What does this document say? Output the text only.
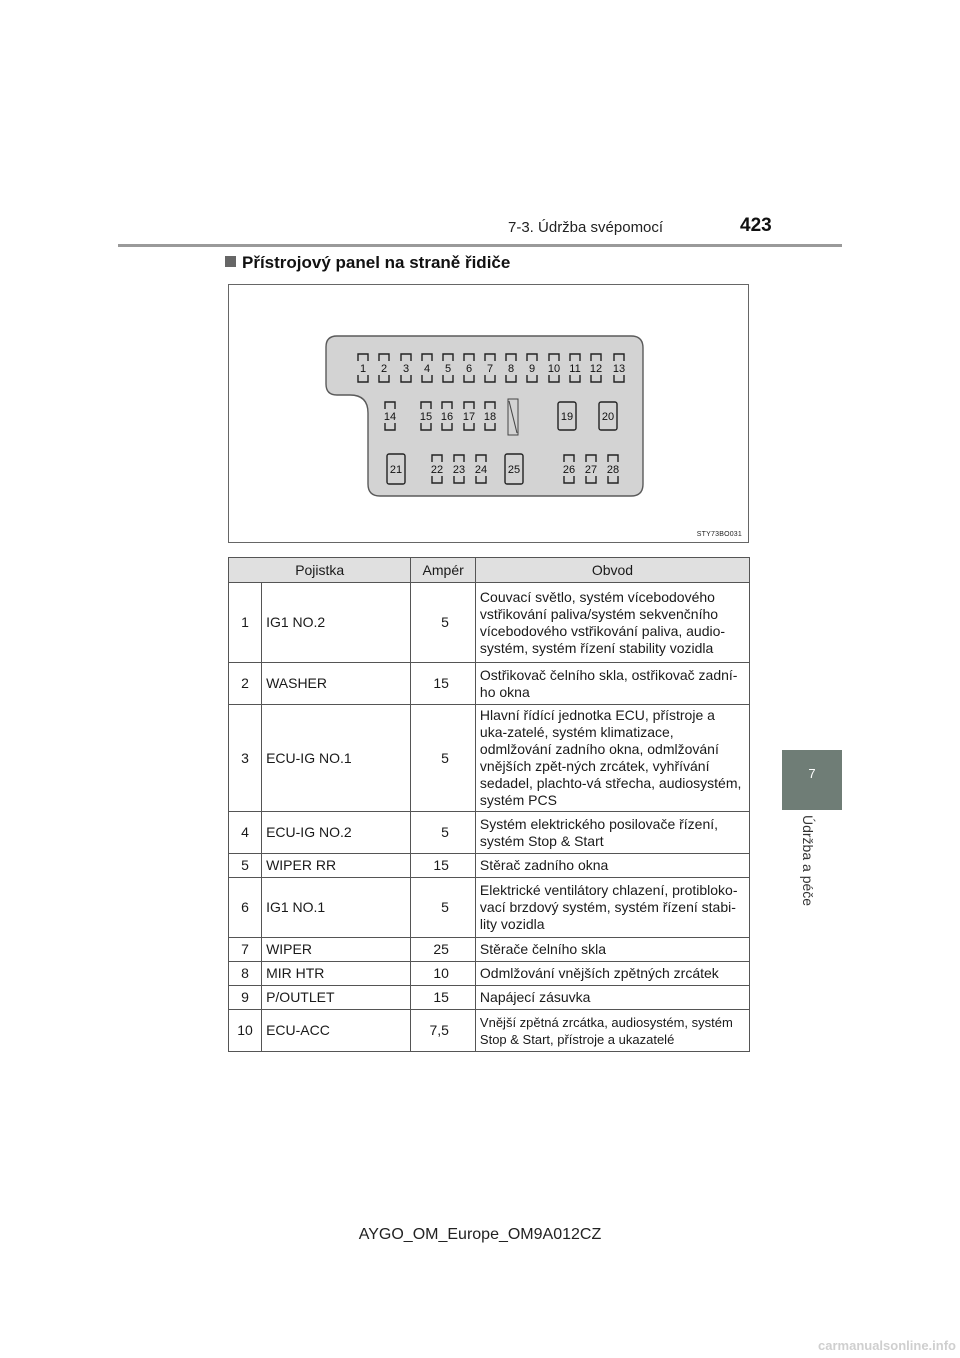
7-3. Údržba svépomocí	423
7
Údržba a péče
Přístrojový panel na straně řidiče
1 2 3 4 5 6 7 8 9 10 11 12 13
14 15 16 17 18	19	20
21	22 23 24 25	26 27 28
STY73BO031
Pojistka		Ampér	Obvod
1	IG1 NO.2	5	Couvací světlo, systém vícebodového vstřikování paliva/systém sekvenčního vícebodového vstřikování paliva, audio-systém, systém řízení stability vozidla
2	WASHER	15	Ostřikovač čelního skla, ostřikovač zadní-ho okna
3	ECU-IG NO.1	5	Hlavní řídící jednotka ECU, přístroje a uka-zatelé, systém klimatizace, odmlžování zadního okna, odmlžování vnějších zpět-ných zrcátek, vyhřívání sedadel, plachto-vá střecha, audiosystém, systém PCS
4	ECU-IG NO.2	5	Systém elektrického posilovače řízení, systém Stop & Start
5	WIPER RR	15	Stěrač zadního okna
6	IG1 NO.1	5	Elektrické ventilátory chlazení, protibloko-vací brzdový systém, systém řízení stabi-lity vozidla
7	WIPER	25	Stěrače čelního skla
8	MIR HTR	10	Odmlžování vnějších zpětných zrcátek
9	P/OUTLET	15	Napájecí zásuvka
10	ECU-ACC	7,5	Vnější zpětná zrcátka, audiosystém, systém Stop & Start, přístroje a ukazatelé
AYGO_OM_Europe_OM9A012CZ
carmanualsonline.info
